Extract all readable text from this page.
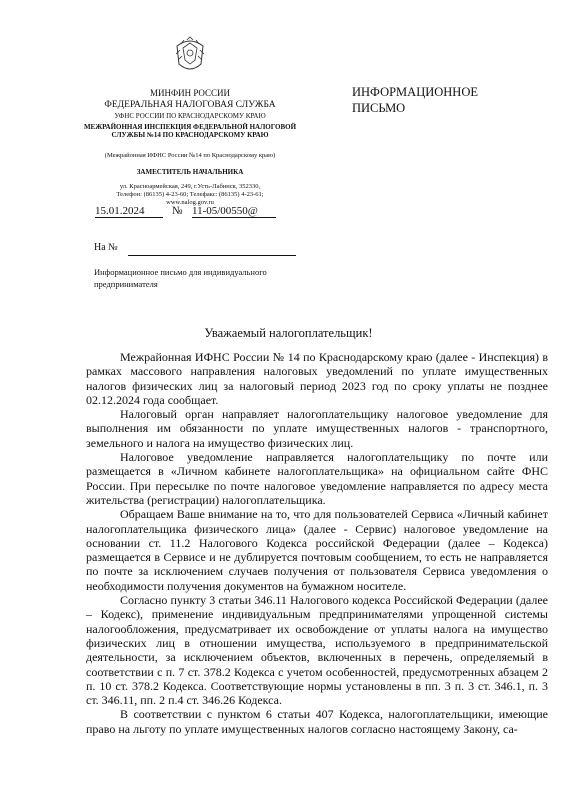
МИНФИН РОССИИ
ФЕДЕРАЛЬНАЯ НАЛОГОВАЯ СЛУЖБА
УФНС РОССИИ ПО КРАСНОДАРСКОМУ КРАЮ
МЕЖРАЙОННАЯ ИНСПЕКЦИЯ ФЕДЕРАЛЬНОЙ НАЛОГОВОЙ СЛУЖБЫ №14 ПО КРАСНОДАРСКОМУ КРАЮ
(Межрайонная ИФНС России №14 по Краснодарскому краю)
ЗАМЕСТИТЕЛЬ НАЧАЛЬНИКА
ул. Красноармейская, 249, г.Усть-Лабинск, 352330,
Телефон: (86135) 4-23-60; Телефакс: (86135) 4-23-61;
www.nalog.gov.ru
ИНФОРМАЦИОННОЕ ПИСЬМО
15.01.2024	№ 11-05/00550@
На №
Информационное письмо для индивидуального предпринимателя
Уважаемый налогоплательщик!

Межрайонная ИФНС России № 14 по Краснодарскому краю (далее - Инспекция) в рамках массового направления налоговых уведомлений по уплате имущественных налогов физических лиц за налоговый период 2023 год по сроку уплаты не позднее 02.12.2024 года сообщает.

Налоговый орган направляет налогоплательщику налоговое уведомление для выполнения им обязанности по уплате имущественных налогов - транспортного, земельного и налога на имущество физических лиц.

Налоговое уведомление направляется налогоплательщику по почте или размещается в «Личном кабинете налогоплательщика» на официальном сайте ФНС России. При пересылке по почте налоговое уведомление направляется по адресу места жительства (регистрации) налогоплательщика.

Обращаем Ваше внимание на то, что для пользователей Сервиса «Личный кабинет налогоплательщика физического лица» (далее - Сервис) налоговое уведомление на основании ст. 11.2 Налогового Кодекса российской Федерации (далее – Кодекса) размещается в Сервисе и не дублируется почтовым сообщением, то есть не направляется по почте за исключением случаев получения от пользователя Сервиса уведомления о необходимости получения документов на бумажном носителе.

Согласно пункту 3 статьи 346.11 Налогового кодекса Российской Федерации (далее – Кодекс), применение индивидуальным предпринимателями упрощенной системы налогообложения, предусматривает их освобождение от уплаты налога на имущество физических лиц в отношении имущества, используемого в предпринимательской деятельности, за исключением объектов, включенных в перечень, определяемый в соответствии с п. 7 ст. 378.2 Кодекса с учетом особенностей, предусмотренных абзацем 2 п. 10 ст. 378.2 Кодекса. Соответствующие нормы установлены в пп. 3 п. 3 ст. 346.1, п. 3 ст. 346.11, пп. 2 п.4 ст. 346.26 Кодекса.

В соответствии с пунктом 6 статьи 407 Кодекса, налогоплательщики, имеющие право на льготу по уплате имущественных налогов согласно настоящему Закону, са-
